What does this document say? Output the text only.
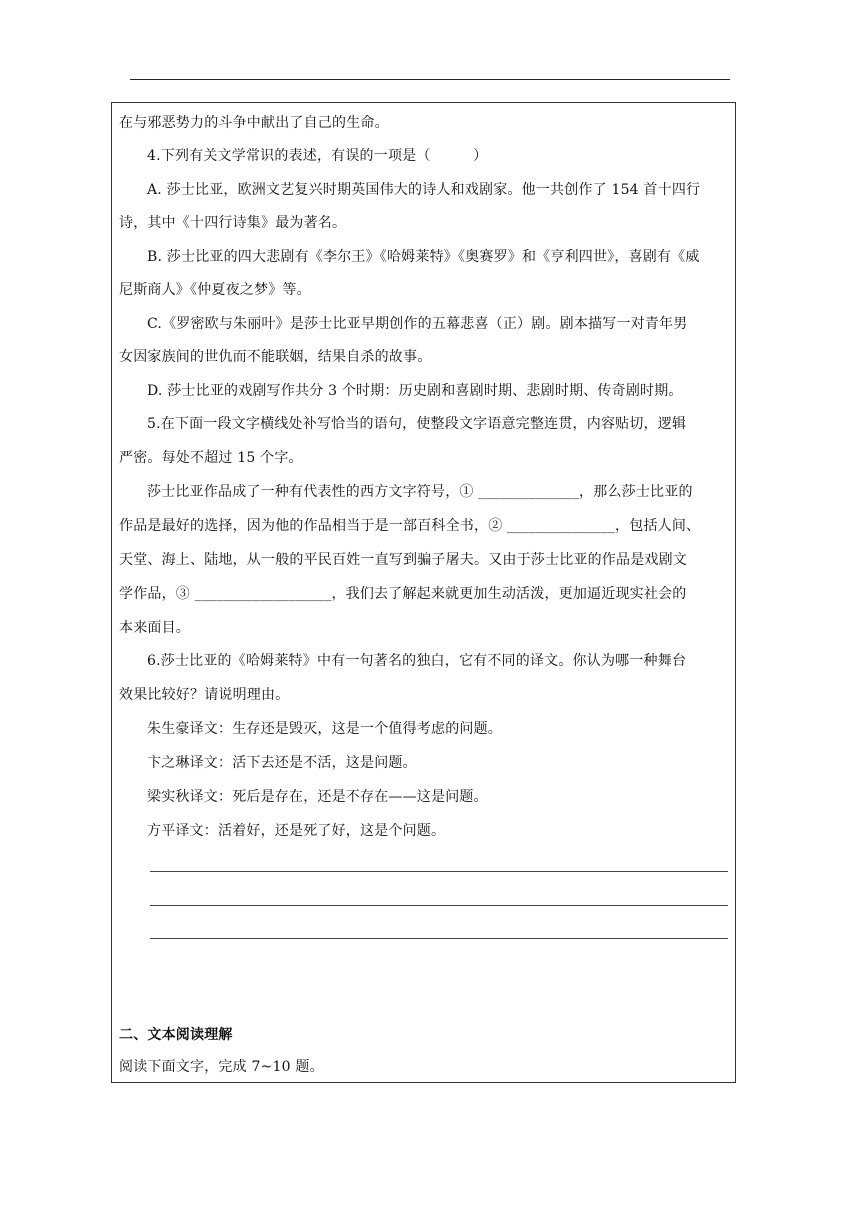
在与邪恶势力的斗争中献出了自己的生命。
4.下列有关文学常识的表述，有误的一项是（　　　）
A. 莎士比亚，欧洲文艺复兴时期英国伟大的诗人和戏剧家。他一共创作了 154 首十四行
诗，其中《十四行诗集》最为著名。
B. 莎士比亚的四大悲剧有《李尔王》《哈姆莱特》《奥赛罗》和《亨利四世》，喜剧有《威
尼斯商人》《仲夏夜之梦》等。
C.《罗密欧与朱丽叶》是莎士比亚早期创作的五幕悲喜（正）剧。剧本描写一对青年男
女因家族间的世仇而不能联姻，结果自杀的故事。
D. 莎士比亚的戏剧写作共分 3 个时期：历史剧和喜剧时期、悲剧时期、传奇剧时期。
5.在下面一段文字横线处补写恰当的语句，使整段文字语意完整连贯，内容贴切，逻辑
严密。每处不超过 15 个字。
莎士比亚作品成了一种有代表性的西方文字符号，① ______________，那么莎士比亚的
作品是最好的选择，因为他的作品相当于是一部百科全书，② _______________，包括人间、
天堂、海上、陆地，从一般的平民百姓一直写到骗子屠夫。又由于莎士比亚的作品是戏剧文
学作品，③ ___________________，我们去了解起来就更加生动活泼，更加逼近现实社会的
本来面目。
6.莎士比亚的《哈姆莱特》中有一句著名的独白，它有不同的译文。你认为哪一种舞台
效果比较好？请说明理由。
朱生豪译文：生存还是毁灭，这是一个值得考虑的问题。
卞之琳译文：活下去还是不活，这是问题。
梁实秋译文：死后是存在，还是不存在——这是问题。
方平译文：活着好，还是死了好，这是个问题。
二、文本阅读理解
阅读下面文字，完成 7~10 题。
